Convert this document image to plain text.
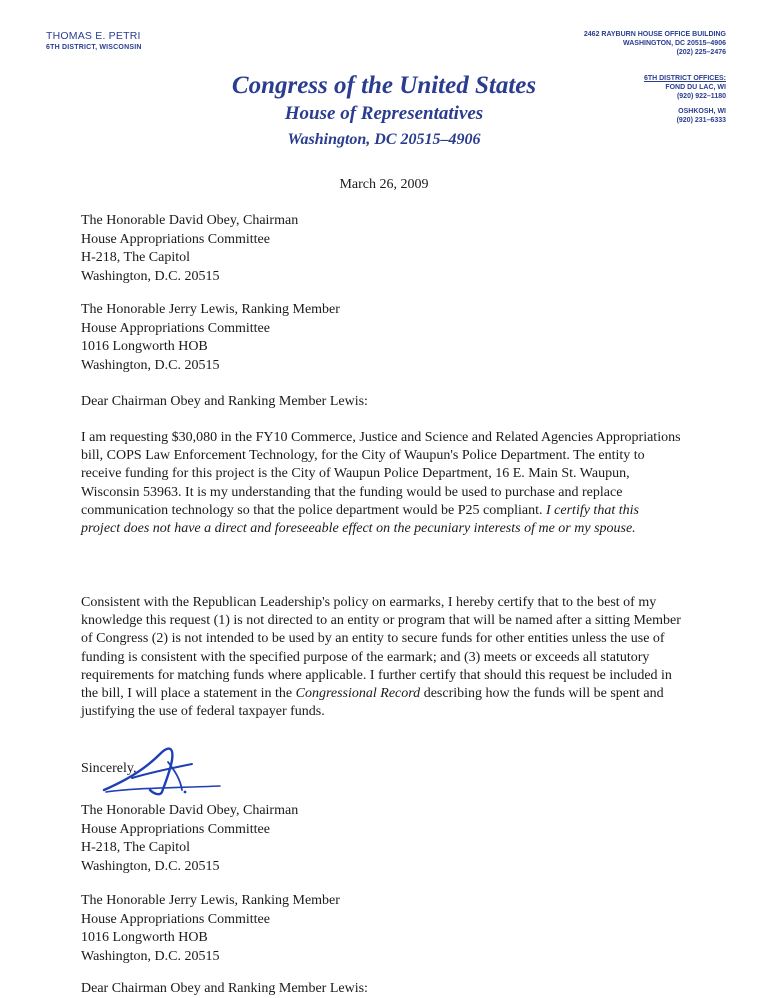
THOMAS E. PETRI
6TH DISTRICT, WISCONSIN
Congress of the United States
House of Representatives
Washington, DC 20515–4906
2462 RAYBURN HOUSE OFFICE BUILDING
WASHINGTON, DC 20515–4906
(202) 225–2476
6TH DISTRICT OFFICES:
FOND DU LAC, WI
(920) 922–1180
OSHKOSH, WI
(920) 231–6333
March 26, 2009
The Honorable David Obey, Chairman
House Appropriations Committee
H-218, The Capitol
Washington, D.C. 20515
The Honorable Jerry Lewis, Ranking Member
House Appropriations Committee
1016 Longworth HOB
Washington, D.C. 20515
Dear Chairman Obey and Ranking Member Lewis:
I am requesting $30,080 in the FY10 Commerce, Justice and Science and Related Agencies Appropriations bill, COPS Law Enforcement Technology, for the City of Waupun's Police Department. The entity to receive funding for this project is the City of Waupun Police Department, 16 E. Main St. Waupun, Wisconsin 53963. It is my understanding that the funding would be used to purchase and replace communication technology so that the police department would be P25 compliant. I certify that this project does not have a direct and foreseeable effect on the pecuniary interests of me or my spouse.
Consistent with the Republican Leadership's policy on earmarks, I hereby certify that to the best of my knowledge this request (1) is not directed to an entity or program that will be named after a sitting Member of Congress (2) is not intended to be used by an entity to secure funds for other entities unless the use of funding is consistent with the specified purpose of the earmark; and (3) meets or exceeds all statutory requirements for matching funds where applicable. I further certify that should this request be included in the bill, I will place a statement in the Congressional Record describing how the funds will be spent and justifying the use of federal taxpayer funds.
Sincerely,
The Honorable David Obey, Chairman
House Appropriations Committee
H-218, The Capitol
Washington, D.C. 20515
The Honorable Jerry Lewis, Ranking Member
House Appropriations Committee
1016 Longworth HOB
Washington, D.C. 20515
Dear Chairman Obey and Ranking Member Lewis:
